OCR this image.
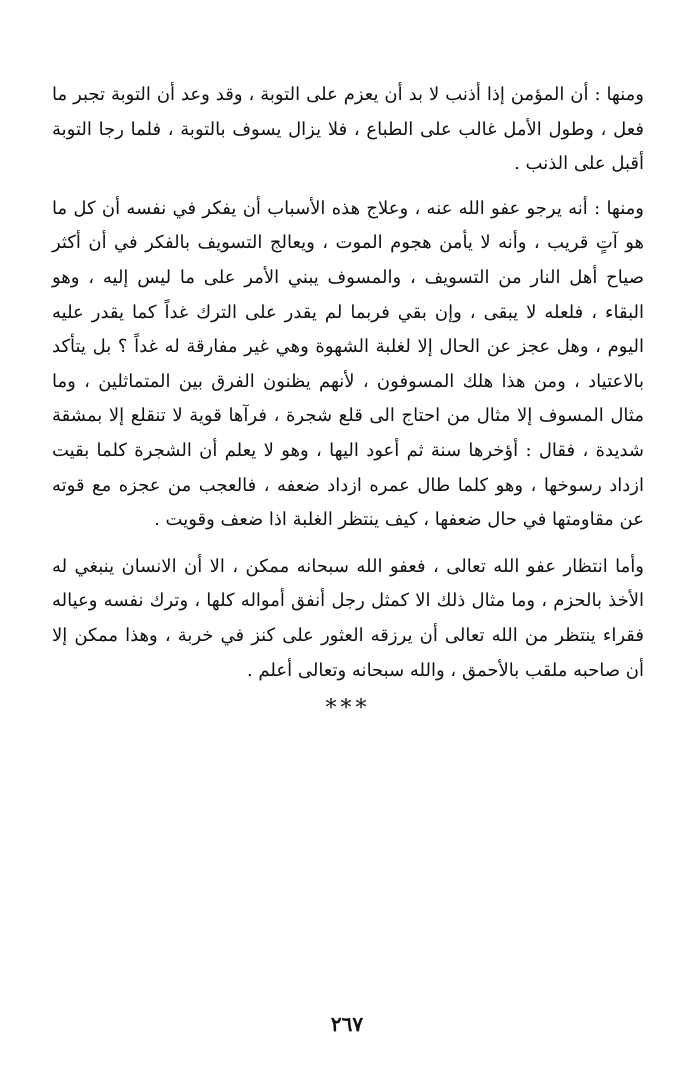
ومنها : أن المؤمن إذا أذنب لا بد أن يعزم على التوبة ، وقد وعد أن التوبة تجبر ما فعل ، وطول الأمل غالب على الطباع ، فلا يزال يسوف بالتوبة ، فلما رجا التوبة أقبل على الذنب .

ومنها : أنه يرجو عفو الله عنه ، وعلاج هذه الأسباب أن يفكر في نفسه أن كل ما هو آتٍ قريب ، وأنه لا يأمن هجوم الموت ، ويعالج التسويف بالفكر في أن أكثر صياح أهل النار من التسويف ، والمسوف يبني الأمر على ما ليس إليه ، وهو البقاء ، فلعله لا يبقى ، وإن بقي فربما لم يقدر على الترك غداً كما يقدر عليه اليوم ، وهل عجز عن الحال إلا لغلبة الشهوة وهي غير مفارقة له غداً ؟ بل يتأكد بالاعتياد ، ومن هذا هلك المسوفون ، لأنهم يظنون الفرق بين المتماثلين ، وما مثال المسوف إلا مثال من احتاج الى قلع شجرة ، فرآها قوية لا تنقلع إلا بمشقة شديدة ، فقال : أؤخرها سنة ثم أعود اليها ، وهو لا يعلم أن الشجرة كلما بقيت ازداد رسوخها ، وهو كلما طال عمره ازداد ضعفه ، فالعجب من عجزه مع قوته عن مقاومتها في حال ضعفها ، كيف ينتظر الغلبة اذا ضعف وقويت .

وأما انتظار عفو الله تعالى ، فعفو الله سبحانه ممكن ، الا أن الانسان ينبغي له الأخذ بالحزم ، وما مثال ذلك الا كمثل رجل أنفق أمواله كلها ، وترك نفسه وعياله فقراء ينتظر من الله تعالى أن يرزقه العثور على كنز في خربة ، وهذا ممكن إلا أن صاحبه ملقب بالأحمق ، والله سبحانه وتعالى أعلم .

***
٢٦٧
